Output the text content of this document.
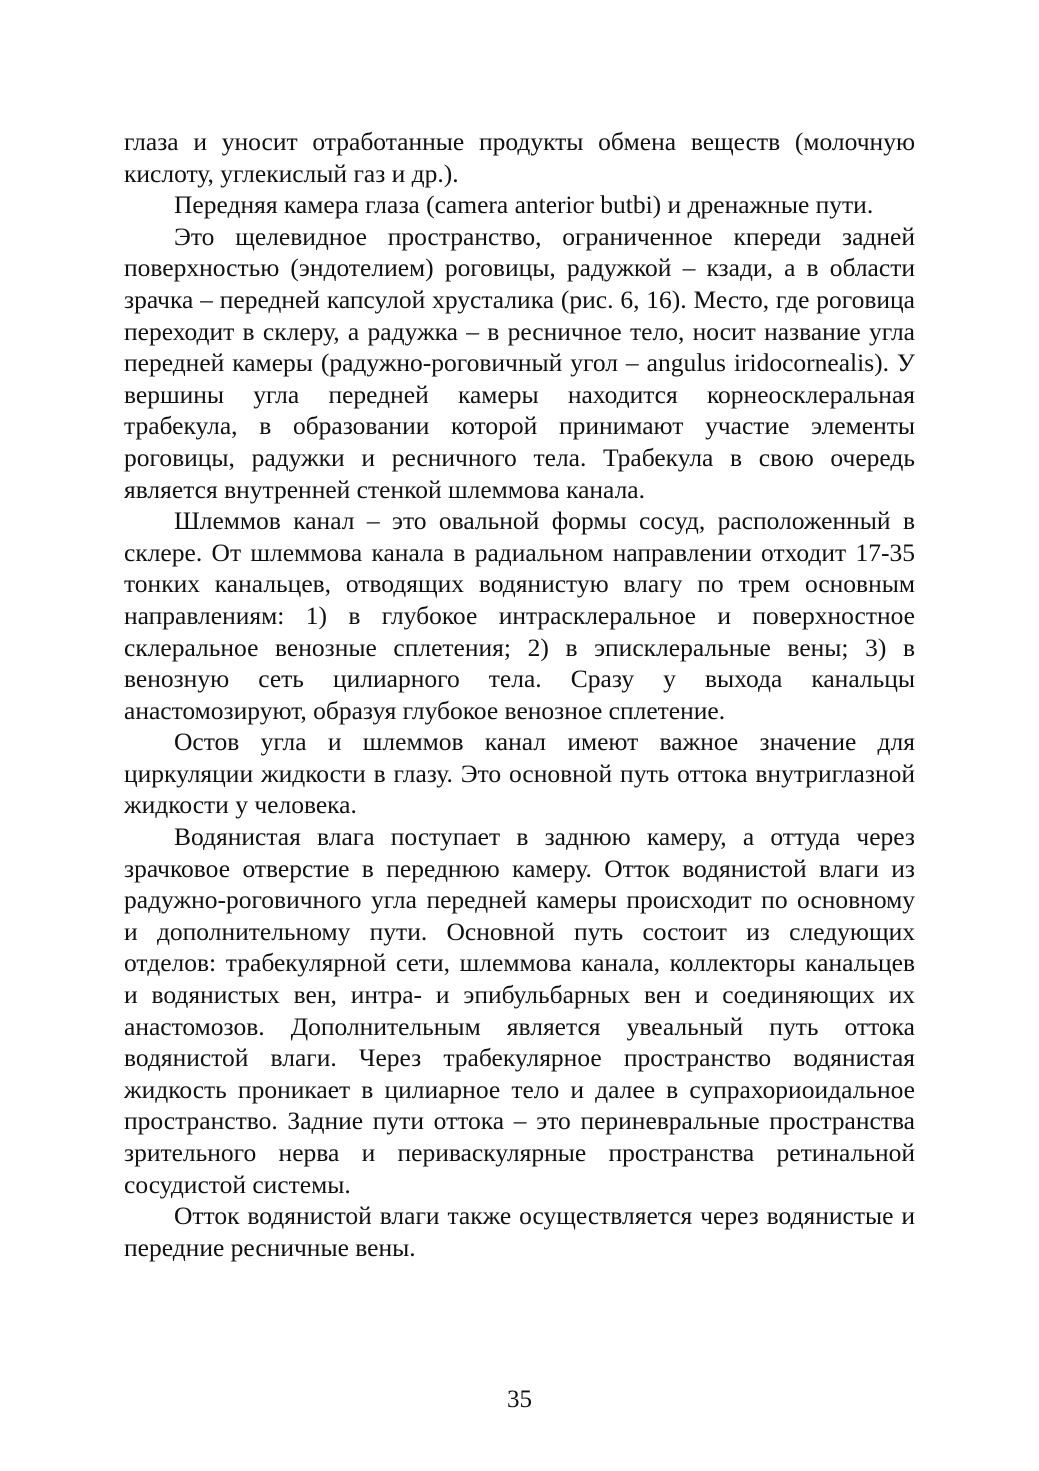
глаза и уносит отработанные продукты обмена веществ (молочную кислоту, углекислый газ и др.).

Передняя камера глаза (camera anterior butbi) и дренажные пути.

Это щелевидное пространство, ограниченное кпереди задней поверхностью (эндотелием) роговицы, радужкой – кзади, а в области зрачка – передней капсулой хрусталика (рис. 6, 16). Место, где роговица переходит в склеру, а радужка – в ресничное тело, носит название угла передней камеры (радужно-роговичный угол – angulus iridocornealis). У вершины угла передней камеры находится корнеосклеральная трабекула, в образовании которой принимают участие элементы роговицы, радужки и ресничного тела. Трабекула в свою очередь является внутренней стенкой шлеммова канала.

Шлеммов канал – это овальной формы сосуд, расположенный в склере. От шлеммова канала в радиальном направлении отходит 17-35 тонких канальцев, отводящих водянистую влагу по трем основным направлениям: 1) в глубокое интрасклеральное и поверхностное склеральное венозные сплетения; 2) в эписклеральные вены; 3) в венозную сеть цилиарного тела. Сразу у выхода канальцы анастомозируют, образуя глубокое венозное сплетение.

Остов угла и шлеммов канал имеют важное значение для циркуляции жидкости в глазу. Это основной путь оттока внутриглазной жидкости у человека.

Водянистая влага поступает в заднюю камеру, а оттуда через зрачковое отверстие в переднюю камеру. Отток водянистой влаги из радужно-роговичного угла передней камеры происходит по основному и дополнительному пути. Основной путь состоит из следующих отделов: трабекулярной сети, шлеммова канала, коллекторы канальцев и водянистых вен, интра- и эпибульбарных вен и соединяющих их анастомозов. Дополнительным является увеальный путь оттока водянистой влаги. Через трабекулярное пространство водянистая жидкость проникает в цилиарное тело и далее в супрахориоидальное пространство. Задние пути оттока – это периневральные пространства зрительного нерва и периваскулярные пространства ретинальной сосудистой системы.

Отток водянистой влаги также осуществляется через водянистые и передние ресничные вены.

35
